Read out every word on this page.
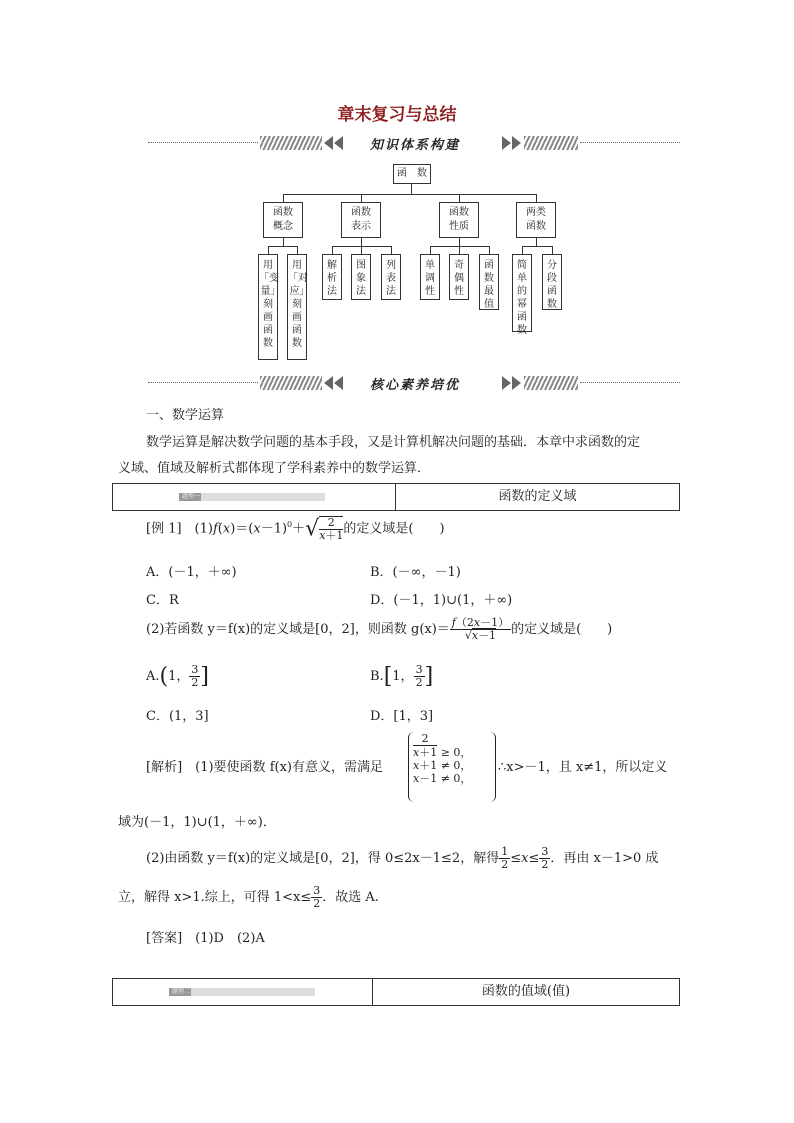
章末复习与总结
知识体系构建
函　数
函数概念
函数表示
函数性质
两类函数
用「变量」刻画函数
用「对应」刻画函数
解析法
图象法
列表法
单调性
奇偶性
函数最值
简单的幂函数
分段函数
核心素养培优

一、数学运算

数学运算是解决数学问题的基本手段，又是计算机解决问题的基础．本章中求函数的定

义域、值域及解析式都体现了学科素养中的数学运算．

题型一	函数的定义域
[例 1]　$(1)f(x)=(x-1)^0+√ \frac{2}{x+1}$的定义域是(　　)

A．(－1，＋∞)	B．(－∞，－1)

C．R	D．(－1，1)∪(1，＋∞)

(2)若函数 y＝f(x)的定义域是[0，2]，则函数 $g(x)= \frac{f(2x-1)}{√x-1}$的定义域是(　　)
A.(1， $\frac{3}{2}$]	B.[1， $\frac{3}{2}$]

C．(1，3]	D．[1，3]

[解析]　(1)要使函数 f(x)有意义，需满足
$\frac{2}{x+1} \ge 0$，
x＋1 ≠ 0，
x－1 ≠ 0，
∴x>－1，且 x≠1，所以定义

域为(－1，1)∪(1，＋∞)．

(2)由函数 y＝f(x)的定义域是[0，2]，得 0≤2x－1≤2，解得 $\frac{1}{2}\le x\le \frac{3}{2}$．再由 x－1>0 成
立，解得 x>1.综上，可得 $1<x\le \frac{3}{2}$．故选 A.

[答案]　(1)D　(2)A

题型二	函数的值域(值)
